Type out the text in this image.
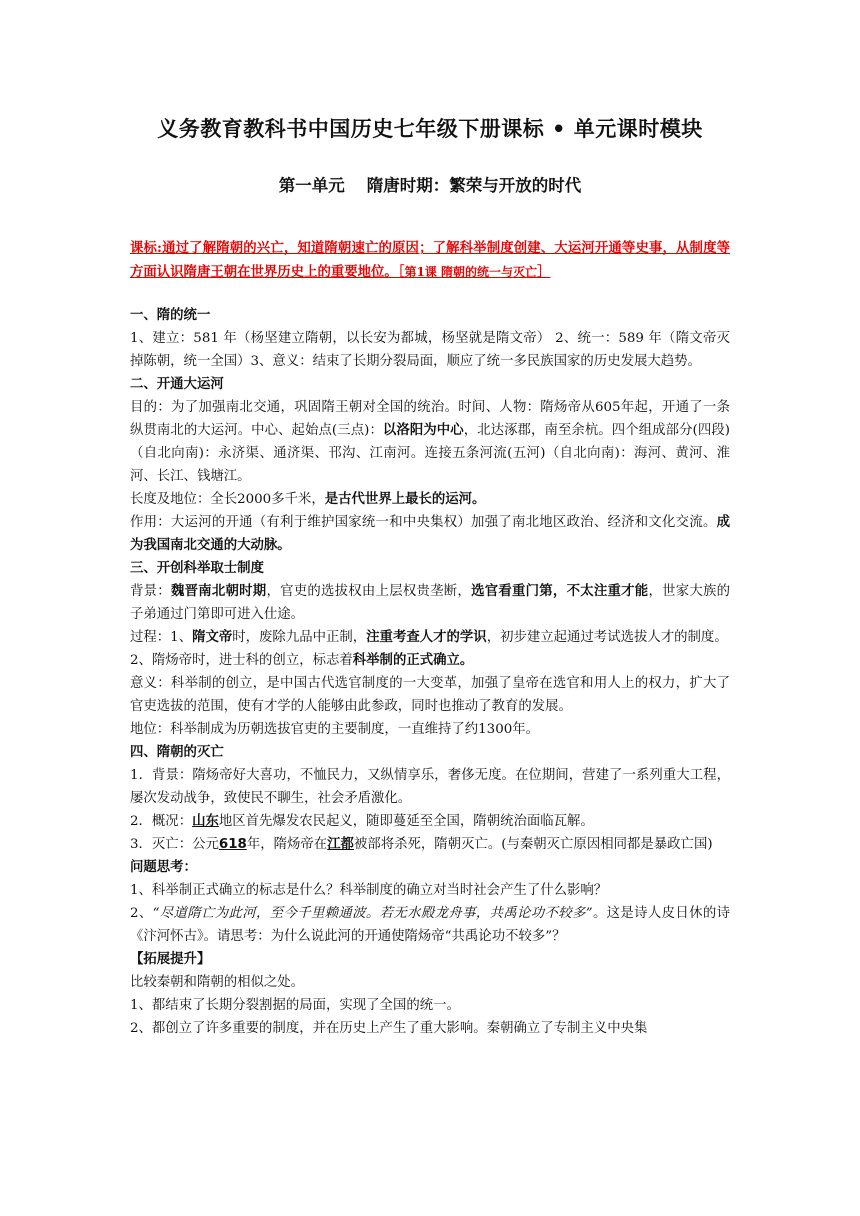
义务教育教科书中国历史七年级下册课标 • 单元课时模块
第一单元 隋唐时期：繁荣与开放的时代

课标:通过了解隋朝的兴亡，知道隋朝速亡的原因；了解科举制度创建、大运河开通等史事，从制度等方面认识隋唐王朝在世界历史上的重要地位。［第1课 隋朝的统一与灭亡］

一、隋的统一

1、建立：581 年（杨坚建立隋朝，以长安为都城，杨坚就是隋文帝） 2、统一：589 年（隋文帝灭掉陈朝，统一全国）3、意义：结束了长期分裂局面，顺应了统一多民族国家的历史发展大趋势。

二、开通大运河

目的：为了加强南北交通，巩固隋王朝对全国的统治。时间、人物：隋炀帝从605年起，开通了一条纵贯南北的大运河。中心、起始点(三点)：以洛阳为中心，北达涿郡，南至余杭。四个组成部分(四段)（自北向南)：永济渠、通济渠、邗沟、江南河。连接五条河流(五河)（自北向南)：海河、黄河、淮河、长江、钱塘江。

长度及地位：全长2000多千米，是古代世界上最长的运河。

作用：大运河的开通（有利于维护国家统一和中央集权）加强了南北地区政治、经济和文化交流。成为我国南北交通的大动脉。

三、开创科举取士制度

背景：魏晋南北朝时期，官吏的选拔权由上层权贵垄断，选官看重门第，不太注重才能，世家大族的子弟通过门第即可进入仕途。

过程：1、隋文帝时，废除九品中正制，注重考查人才的学识，初步建立起通过考试选拔人才的制度。

2、隋炀帝时，进士科的创立，标志着科举制的正式确立。

意义：科举制的创立，是中国古代选官制度的一大变革，加强了皇帝在选官和用人上的权力，扩大了官吏选拔的范围，使有才学的人能够由此参政，同时也推动了教育的发展。

地位：科举制成为历朝选拔官吏的主要制度，一直维持了约1300年。

四、隋朝的灭亡

1．背景：隋炀帝好大喜功，不恤民力，又纵情享乐，奢侈无度。在位期间，营建了一系列重大工程，屡次发动战争，致使民不聊生，社会矛盾激化。

2．概况：山东地区首先爆发农民起义，随即蔓延至全国，隋朝统治面临瓦解。

3．灭亡：公元618年，隋炀帝在江都被部将杀死，隋朝灭亡。(与秦朝灭亡原因相同都是暴政亡国)

问题思考：

1、科举制正式确立的标志是什么？科举制度的确立对当时社会产生了什么影响？

2、“尽道隋亡为此河，至今千里赖通波。若无水殿龙舟事，共禹论功不较多”。这是诗人皮日休的诗《汴河怀古》。请思考：为什么说此河的开通使隋炀帝“共禹论功不较多”？

【拓展提升】

比较秦朝和隋朝的相似之处。

1、都结束了长期分裂割据的局面，实现了全国的统一。

2、都创立了许多重要的制度，并在历史上产生了重大影响。秦朝确立了专制主义中央集
